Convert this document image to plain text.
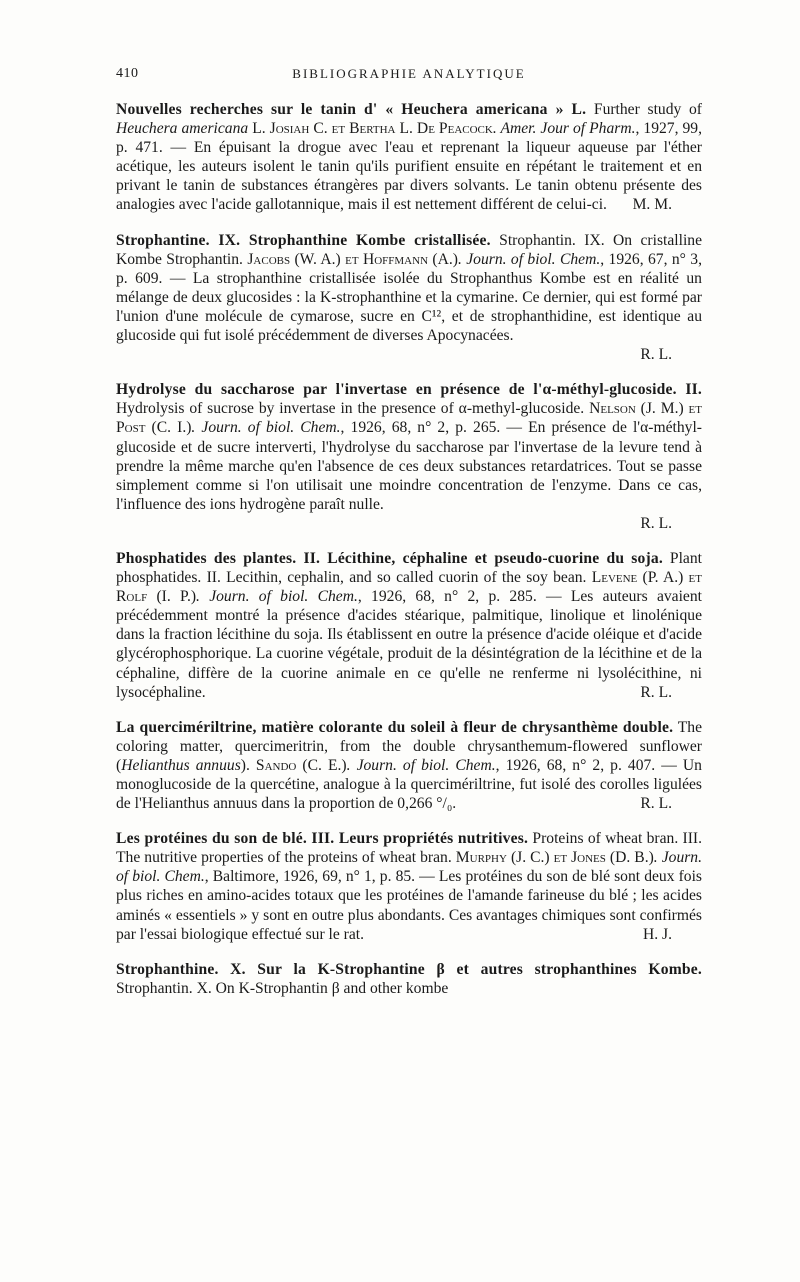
410	BIBLIOGRAPHIE ANALYTIQUE

Nouvelles recherches sur le tanin d' « Heuchera americana » L. Further study of Heuchera americana L. Josiah C. et Bertha L. De Peacock. Amer. Jour of Pharm., 1927, 99, p. 471. — En épuisant la drogue avec l'eau et reprenant la liqueur aqueuse par l'éther acétique, les auteurs isolent le tanin qu'ils purifient ensuite en répétant le traitement et en privant le tanin de substances étrangères par divers solvants. Le tanin obtenu présente des analogies avec l'acide gallotannique, mais il est nettement différent de celui-ci. M. M.

Strophantine. IX. Strophanthine Kombe cristallisée. Strophantin. IX. On cristalline Kombe Strophantin. Jacobs (W. A.) et Hoffmann (A.). Journ. of biol. Chem., 1926, 67, n° 3, p. 609. — La strophanthine cristallisée isolée du Strophanthus Kombe est en réalité un mélange de deux glucosides : la K-strophanthine et la cymarine. Ce dernier, qui est formé par l'union d'une molécule de cymarose, sucre en C¹², et de strophanthidine, est identique au glucoside qui fut isolé précédemment de diverses Apocynacées.
R. L.

Hydrolyse du saccharose par l'invertase en présence de l'α-méthyl-glucoside. II. Hydrolysis of sucrose by invertase in the presence of α-methyl-glucoside. Nelson (J. M.) et Post (C. I.). Journ. of biol. Chem., 1926, 68, n° 2, p. 265. — En présence de l'α-méthyl-glucoside et de sucre interverti, l'hydrolyse du saccharose par l'invertase de la levure tend à prendre la même marche qu'en l'absence de ces deux substances retardatrices. Tout se passe simplement comme si l'on utilisait une moindre concentration de l'enzyme. Dans ce cas, l'influence des ions hydrogène paraît nulle.
R. L.

Phosphatides des plantes. II. Lécithine, céphaline et pseudo-cuorine du soja. Plant phosphatides. II. Lecithin, cephalin, and so called cuorin of the soy bean. Levene (P. A.) et Rolf (I. P.). Journ. of biol. Chem., 1926, 68, n° 2, p. 285. — Les auteurs avaient précédemment montré la présence d'acides stéarique, palmitique, linolique et linolénique dans la fraction lécithine du soja. Ils établissent en outre la présence d'acide oléique et d'acide glycérophosphorique. La cuorine végétale, produit de la désintégration de la lécithine et de la céphaline, diffère de la cuorine animale en ce qu'elle ne renferme ni lysolécithine, ni lysocéphaline.	R. L.

La quercimériltrine, matière colorante du soleil à fleur de chrysanthème double. The coloring matter, quercimeritrin, from the double chrysanthemum-flowered sunflower (Helianthus annuus). Sando (C. E.). Journ. of biol. Chem., 1926, 68, n° 2, p. 407. — Un monoglucoside de la quercétine, analogue à la quercimériltrine, fut isolé des corolles ligulées de l'Helianthus annuus dans la proportion de 0,266 °/₀.	R. L.

Les protéines du son de blé. III. Leurs propriétés nutritives. Proteins of wheat bran. III. The nutritive properties of the proteins of wheat bran. Murphy (J. C.) et Jones (D. B.). Journ. of biol. Chem., Baltimore, 1926, 69, n° 1, p. 85. — Les protéines du son de blé sont deux fois plus riches en amino-acides totaux que les protéines de l'amande farineuse du blé ; les acides aminés « essentiels » y sont en outre plus abondants. Ces avantages chimiques sont confirmés par l'essai biologique effectué sur le rat.	H. J.

Strophanthine. X. Sur la K-Strophantine β et autres strophanthines Kombe. Strophantin. X. On K-Strophantin β and other kombe
